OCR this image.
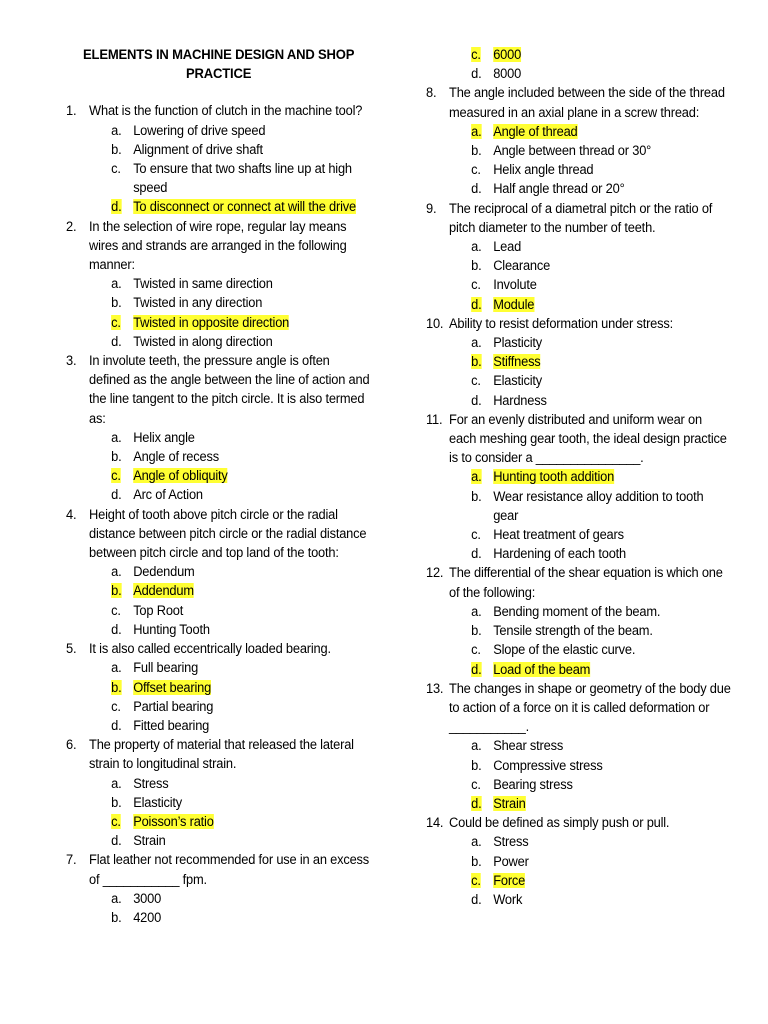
ELEMENTS IN MACHINE DESIGN AND SHOP PRACTICE
1. What is the function of clutch in the machine tool?
a. Lowering of drive speed
b. Alignment of drive shaft
c. To ensure that two shafts line up at high speed
d. To disconnect or connect at will the drive
2. In the selection of wire rope, regular lay means wires and strands are arranged in the following manner:
a. Twisted in same direction
b. Twisted in any direction
c. Twisted in opposite direction
d. Twisted in along direction
3. In involute teeth, the pressure angle is often defined as the angle between the line of action and the line tangent to the pitch circle. It is also termed as:
a. Helix angle
b. Angle of recess
c. Angle of obliquity
d. Arc of Action
4. Height of tooth above pitch circle or the radial distance between pitch circle or the radial distance between pitch circle and top land of the tooth:
a. Dedendum
b. Addendum
c. Top Root
d. Hunting Tooth
5. It is also called eccentrically loaded bearing.
a. Full bearing
b. Offset bearing
c. Partial bearing
d. Fitted bearing
6. The property of material that released the lateral strain to longitudinal strain.
a. Stress
b. Elasticity
c. Poisson’s ratio
d. Strain
7. Flat leather not recommended for use in an excess of ___________ fpm.
a. 3000
b. 4200
c. 6000
d. 8000
8. The angle included between the side of the thread measured in an axial plane in a screw thread:
a. Angle of thread
b. Angle between thread or 30°
c. Helix angle thread
d. Half angle thread or 20°
9. The reciprocal of a diametral pitch or the ratio of pitch diameter to the number of teeth.
a. Lead
b. Clearance
c. Involute
d. Module
10. Ability to resist deformation under stress:
a. Plasticity
b. Stiffness
c. Elasticity
d. Hardness
11. For an evenly distributed and uniform wear on each meshing gear tooth, the ideal design practice is to consider a _______________.
a. Hunting tooth addition
b. Wear resistance alloy addition to tooth gear
c. Heat treatment of gears
d. Hardening of each tooth
12. The differential of the shear equation is which one of the following:
a. Bending moment of the beam.
b. Tensile strength of the beam.
c. Slope of the elastic curve.
d. Load of the beam
13. The changes in shape or geometry of the body due to action of a force on it is called deformation or ___________.
a. Shear stress
b. Compressive stress
c. Bearing stress
d. Strain
14. Could be defined as simply push or pull.
a. Stress
b. Power
c. Force
d. Work
